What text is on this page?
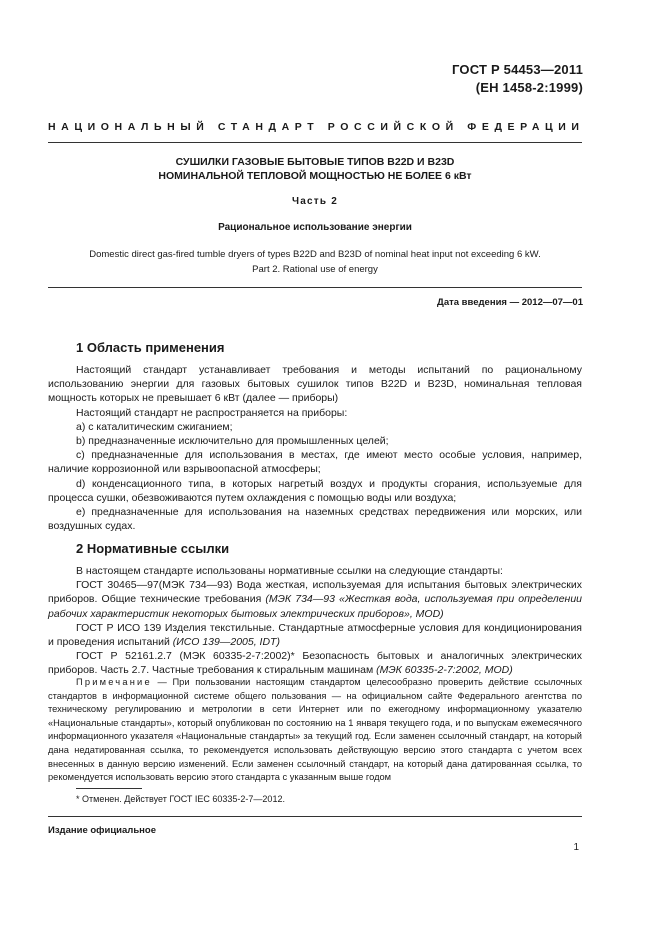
ГОСТ Р 54453—2011
(ЕН 1458-2:1999)
НАЦИОНАЛЬНЫЙ СТАНДАРТ РОССИЙСКОЙ ФЕДЕРАЦИИ
СУШИЛКИ ГАЗОВЫЕ БЫТОВЫЕ ТИПОВ B22D И B23D
НОМИНАЛЬНОЙ ТЕПЛОВОЙ МОЩНОСТЬЮ НЕ БОЛЕЕ 6 кВт
Часть 2
Рациональное использование энергии
Domestic direct gas-fired tumble dryers of types B22D and B23D of nominal heat input not exceeding 6 kW.
Part 2. Rational use of energy
Дата введения — 2012—07—01
1 Область применения

Настоящий стандарт устанавливает требования и методы испытаний по рациональному использованию энергии для газовых бытовых сушилок типов B22D и B23D, номинальная тепловая мощность которых не превышает 6 кВт (далее — приборы)

Настоящий стандарт не распространяется на приборы:

а) с каталитическим сжиганием;

b) предназначенные исключительно для промышленных целей;

с) предназначенные для использования в местах, где имеют место особые условия, например, наличие коррозионной или взрывоопасной атмосферы;

d) конденсационного типа, в которых нагретый воздух и продукты сгорания, используемые для процесса сушки, обезвоживаются путем охлаждения с помощью воды или воздуха;

е) предназначенные для использования на наземных средствах передвижения или морских, или воздушных судах.

2 Нормативные ссылки

В настоящем стандарте использованы нормативные ссылки на следующие стандарты:

ГОСТ 30465—97(МЭК 734—93) Вода жесткая, используемая для испытания бытовых электрических приборов. Общие технические требования (МЭК 734—93 «Жесткая вода, используемая при определении рабочих характеристик некоторых бытовых электрических приборов», MOD)

ГОСТ Р ИСО 139 Изделия текстильные. Стандартные атмосферные условия для кондиционирования и проведения испытаний (ИСО 139—2005, IDT)

ГОСТ Р 52161.2.7 (МЭК 60335-2-7:2002)* Безопасность бытовых и аналогичных электрических приборов. Часть 2.7. Частные требования к стиральным машинам (МЭК 60335-2-7:2002, MOD)

Примечание — При пользовании настоящим стандартом целесообразно проверить действие ссылочных стандартов в информационной системе общего пользования — на официальном сайте Федерального агентства по техническому регулированию и метрологии в сети Интернет или по ежегодному информационному указателю «Национальные стандарты», который опубликован по состоянию на 1 января текущего года, и по выпускам ежемесячного информационного указателя «Национальные стандарты» за текущий год. Если заменен ссылочный стандарт, на который дана недатированная ссылка, то рекомендуется использовать действующую версию этого стандарта с учетом всех внесенных в данную версию изменений. Если заменен ссылочный стандарт, на который дана датированная ссылка, то рекомендуется использовать версию этого стандарта с указанным выше годом

* Отменен. Действует ГОСТ IEC 60335-2-7—2012.
Издание официальное
1
